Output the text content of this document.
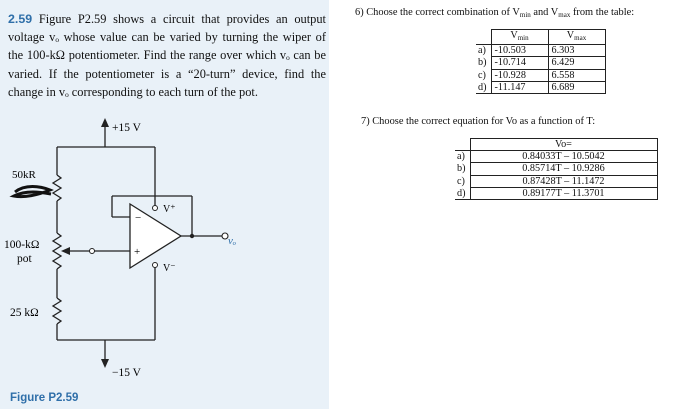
2.59 Figure P2.59 shows a circuit that provides an output voltage vₒ whose value can be varied by turning the wiper of the 100-kΩ potentiometer. Find the range over which vₒ can be varied. If the potentiometer is a “20-turn” device, find the change in vₒ corresponding to each turn of the pot.
+15 V
−15 V
50kR
100-kΩ
pot
25 kΩ
V⁺
V⁻
vₒ
−
+
Figure P2.59
6) Choose the correct combination of $V_{min}$ and $V_{max}$ from the table:
	$V_{min}$	$V_{max}$
a)	-10.503	6.303
b)	-10.714	6.429
c)	-10.928	6.558
d)	-11.147	6.689
7) Choose the correct equation for Vo as a function of T:
	Vo=
a)	0.84033T – 10.5042
b)	0.85714T – 10.9286
c)	0.87428T – 11.1472
d)	0.89177T – 11.3701
